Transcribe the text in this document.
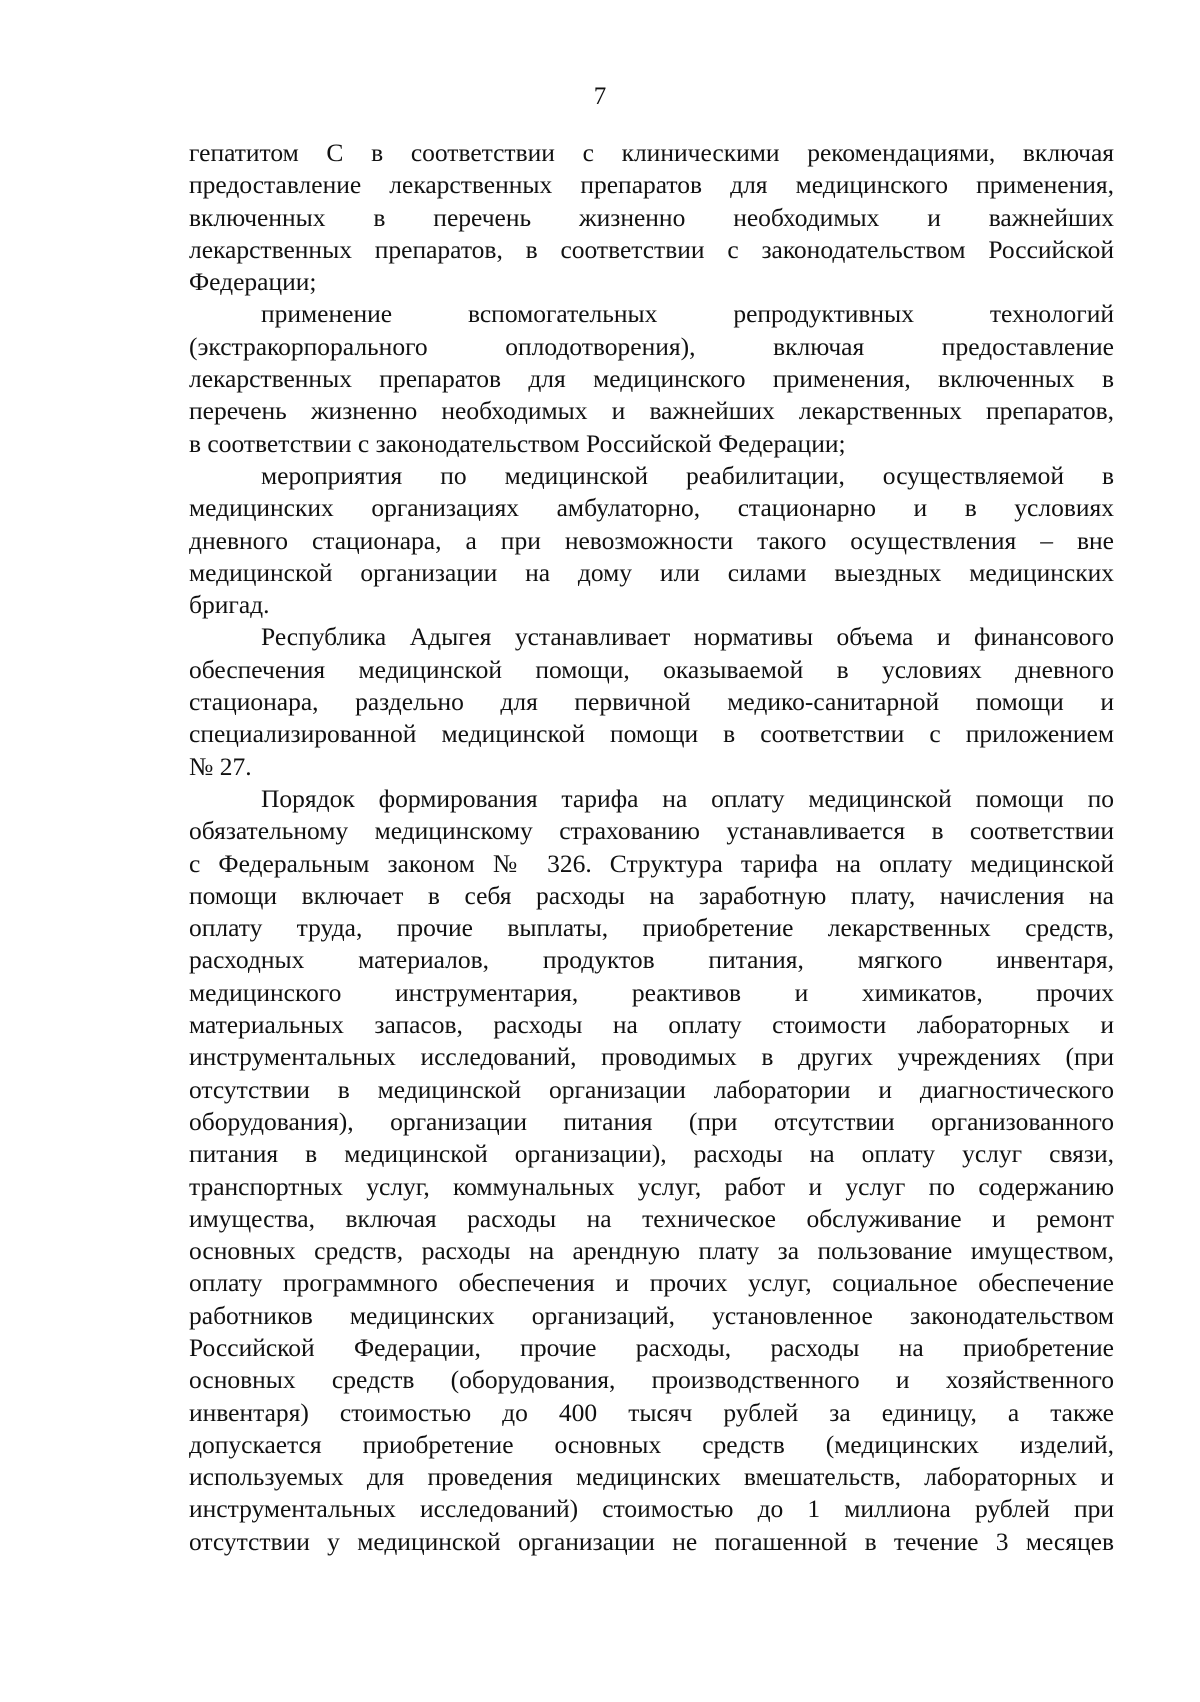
7
гепатитом С в соответствии с клиническими рекомендациями, включая
предоставление лекарственных препаратов для медицинского применения,
включенных в перечень жизненно необходимых и важнейших
лекарственных препаратов, в соответствии с законодательством Российской
Федерации;
применение вспомогательных репродуктивных технологий
(экстракорпорального оплодотворения), включая предоставление
лекарственных препаратов для медицинского применения, включенных в
перечень жизненно необходимых и важнейших лекарственных препаратов,
в соответствии с законодательством Российской Федерации;
мероприятия по медицинской реабилитации, осуществляемой в
медицинских организациях амбулаторно, стационарно и в условиях
дневного стационара, а при невозможности такого осуществления – вне
медицинской организации на дому или силами выездных медицинских
бригад.
Республика Адыгея устанавливает нормативы объема и финансового
обеспечения медицинской помощи, оказываемой в условиях дневного
стационара, раздельно для первичной медико-санитарной помощи и
специализированной медицинской помощи в соответствии с приложением
№ 27.
Порядок формирования тарифа на оплату медицинской помощи по
обязательному медицинскому страхованию устанавливается в соответствии
с Федеральным законом № 326. Структура тарифа на оплату медицинской
помощи включает в себя расходы на заработную плату, начисления на
оплату труда, прочие выплаты, приобретение лекарственных средств,
расходных материалов, продуктов питания, мягкого инвентаря,
медицинского инструментария, реактивов и химикатов, прочих
материальных запасов, расходы на оплату стоимости лабораторных и
инструментальных исследований, проводимых в других учреждениях (при
отсутствии в медицинской организации лаборатории и диагностического
оборудования), организации питания (при отсутствии организованного
питания в медицинской организации), расходы на оплату услуг связи,
транспортных услуг, коммунальных услуг, работ и услуг по содержанию
имущества, включая расходы на техническое обслуживание и ремонт
основных средств, расходы на арендную плату за пользование имуществом,
оплату программного обеспечения и прочих услуг, социальное обеспечение
работников медицинских организаций, установленное законодательством
Российской Федерации, прочие расходы, расходы на приобретение
основных средств (оборудования, производственного и хозяйственного
инвентаря) стоимостью до 400 тысяч рублей за единицу, а также
допускается приобретение основных средств (медицинских изделий,
используемых для проведения медицинских вмешательств, лабораторных и
инструментальных исследований) стоимостью до 1 миллиона рублей при
отсутствии у медицинской организации не погашенной в течение 3 месяцев
